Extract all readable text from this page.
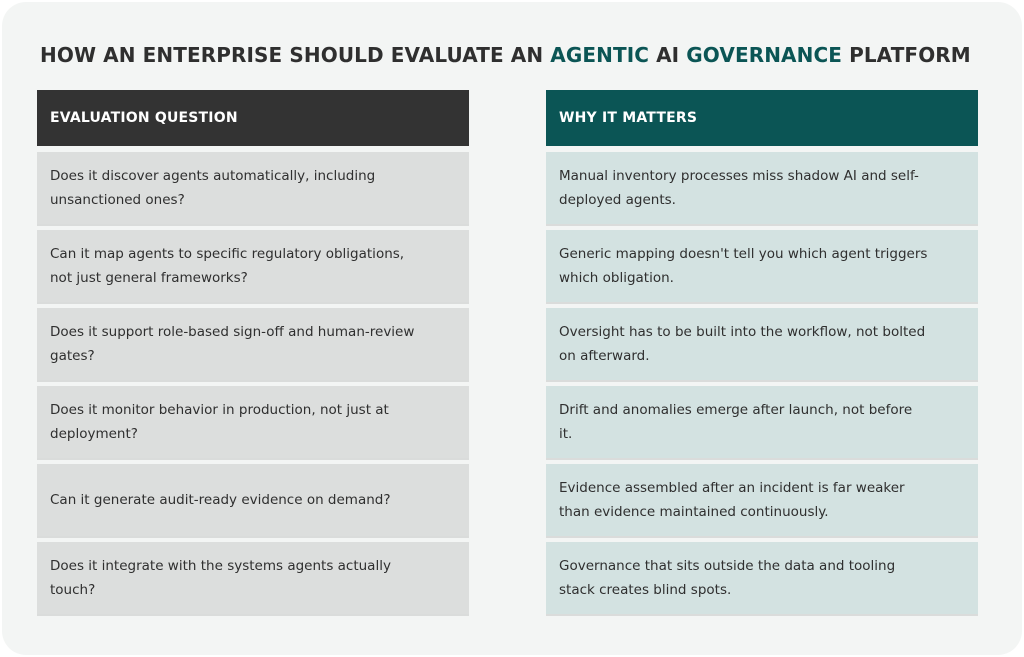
HOW AN ENTERPRISE SHOULD EVALUATE AN AGENTIC AI GOVERNANCE PLATFORM
EVALUATION QUESTION
Does it discover agents automatically, including unsanctioned ones?
Can it map agents to specific regulatory obligations, not just general frameworks?
Does it support role-based sign-off and human-review gates?
Does it monitor behavior in production, not just at deployment?
Can it generate audit-ready evidence on demand?
Does it integrate with the systems agents actually touch?
WHY IT MATTERS
Manual inventory processes miss shadow AI and self-deployed agents.
Generic mapping doesn't tell you which agent triggers which obligation.
Oversight has to be built into the workflow, not bolted on afterward.
Drift and anomalies emerge after launch, not before it.
Evidence assembled after an incident is far weaker than evidence maintained continuously.
Governance that sits outside the data and tooling stack creates blind spots.
